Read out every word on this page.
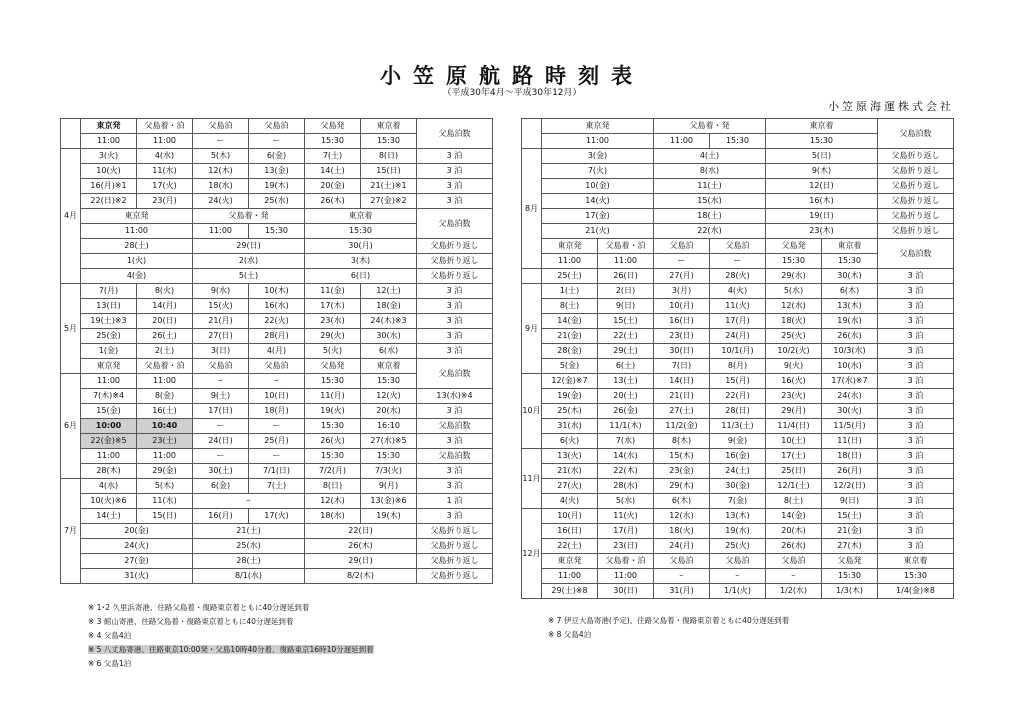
小笠原航路時刻表
（平成30年4月～平成30年12月）
小笠原海運株式会社
	東京発	父島着・泊	父島泊	父島泊	父島発	東京着	父島泊数	
	11:00	11:00	ー	ー	15:30	15:30		
4月	3(火)	4(水)	5(木)	6(金)	7(土)	8(日)	3 泊	
	10(火)	11(水)	12(木)	13(金)	14(土)	15(日)	3 泊	
	16(月)※1	17(火)	18(水)	19(木)	20(金)	21(土)※1	3 泊	
	22(日)※2	23(月)	24(火)	25(水)	26(木)	27(金)※2	3 泊	
	東京発		父島着・発		東京着		父島泊数	
	11:00		11:00	15:30	15:30			
	28(土)		29(日)		30(月)		父島折り返し	
	1(火)		2(水)		3(木)		父島折り返し	
	4(金)		5(土)		6(日)		父島折り返し	
5月	7(月)	8(火)	9(水)	10(木)	11(金)	12(土)	3 泊	
	13(日)	14(月)	15(火)	16(水)	17(木)	18(金)	3 泊	
	19(土)※3	20(日)	21(月)	22(火)	23(水)	24(木)※3	3 泊	
	25(金)	26(土)	27(日)	28(月)	29(火)	30(水)	3 泊	
	1(金)	2(土)	3(日)	4(月)	5(火)	6(水)	3 泊	
	東京発	父島着・泊	父島泊	父島泊	父島発	東京着	父島泊数	
6月	11:00	11:00	ｰ	ｰ	15:30	15:30		
	7(木)※4	8(金)	9(土)	10(日)	11(月)	12(火)	13(水)※4	
	15(金)	16(土)	17(日)	18(月)	19(火)	20(水)	3 泊	
	10:00	10:40	ー	ー	15:30	16:10	父島泊数	
	22(金)※5	23(土)	24(日)	25(月)	26(火)	27(水)※5	3 泊	
	11:00	11:00	ー	ー	15:30	15:30	父島泊数	
	28(木)	29(金)	30(土)	7/1(日)	7/2(月)	7/3(火)	3 泊	
7月	4(水)	5(木)	6(金)	7(土)	8(日)	9(月)	3 泊	
	10(火)※6	11(水)	ｰ		12(木)	13(金)※6	1 泊	
	14(土)	15(日)	16(月)	17(火)	18(水)	19(木)	3 泊	
	20(金)		21(土)		22(日)		父島折り返し	
	24(火)		25(水)		26(木)		父島折り返し	
	27(金)		28(土)		29(日)		父島折り返し	
	31(火)		8/1(水)		8/2(木)		父島折り返し	
	東京発		父島着・発		東京着		父島泊数	
	11:00		11:00	15:30	15:30			
8月	3(金)		4(土)		5(日)		父島折り返し	
	7(火)		8(水)		9(木)		父島折り返し	
	10(金)		11(土)		12(日)		父島折り返し	
	14(火)		15(水)		16(木)		父島折り返し	
	17(金)		18(土)		19(日)		父島折り返し	
	21(火)		22(水)		23(木)		父島折り返し	
	東京発	父島着・泊	父島泊	父島泊	父島発	東京着	父島泊数	
	11:00	11:00	ー	ー	15:30	15:30		
	25(土)	26(日)	27(月)	28(火)	29(水)	30(木)	3 泊	
9月	1(土)	2(日)	3(月)	4(火)	5(水)	6(木)	3 泊	
	8(土)	9(日)	10(月)	11(火)	12(水)	13(木)	3 泊	
	14(金)	15(土)	16(日)	17(月)	18(火)	19(水)	3 泊	
	21(金)	22(土)	23(日)	24(月)	25(火)	26(水)	3 泊	
	28(金)	29(土)	30(日)	10/1(月)	10/2(火)	10/3(水)	3 泊	
	5(金)	6(土)	7(日)	8(月)	9(火)	10(水)	3 泊	
10月	12(金)※7	13(土)	14(日)	15(月)	16(火)	17(水)※7	3 泊	
	19(金)	20(土)	21(日)	22(月)	23(火)	24(水)	3 泊	
	25(木)	26(金)	27(土)	28(日)	29(月)	30(火)	3 泊	
	31(水)	11/1(木)	11/2(金)	11/3(土)	11/4(日)	11/5(月)	3 泊	
	6(火)	7(水)	8(木)	9(金)	10(土)	11(日)	3 泊	
11月	13(火)	14(水)	15(木)	16(金)	17(土)	18(日)	3 泊	
	21(水)	22(木)	23(金)	24(土)	25(日)	26(月)	3 泊	
	27(火)	28(水)	29(木)	30(金)	12/1(土)	12/2(日)	3 泊	
	4(火)	5(水)	6(木)	7(金)	8(土)	9(日)	3 泊	
12月	10(月)	11(火)	12(水)	13(木)	14(金)	15(土)	3 泊	
	16(日)	17(月)	18(火)	19(水)	20(木)	21(金)	3 泊	
	22(土)	23(日)	24(月)	25(火)	26(水)	27(木)	3 泊	
	東京発	父島着・泊	父島泊	父島泊	父島泊	父島発	東京着	
	11:00	11:00	ｰ	ｰ	ｰ	15:30	15:30	
	29(土)※8	30(日)	31(月)	1/1(火)	1/2(水)	1/3(木)	1/4(金)※8	
※ 1･2 久里浜寄港、往路父島着・復路東京着ともに40分遅延到着
※ 3 館山寄港、往路父島着・復路東京着ともに40分遅延到着
※ 4 父島4泊
※ 5 八丈島寄港、往路東京10:00発・父島10時40分着、復路東京16時10分遅延到着
※ 6 父島1泊
※ 7 伊豆大島寄港(予定)、往路父島着・復路東京着ともに40分遅延到着
※ 8 父島4泊
